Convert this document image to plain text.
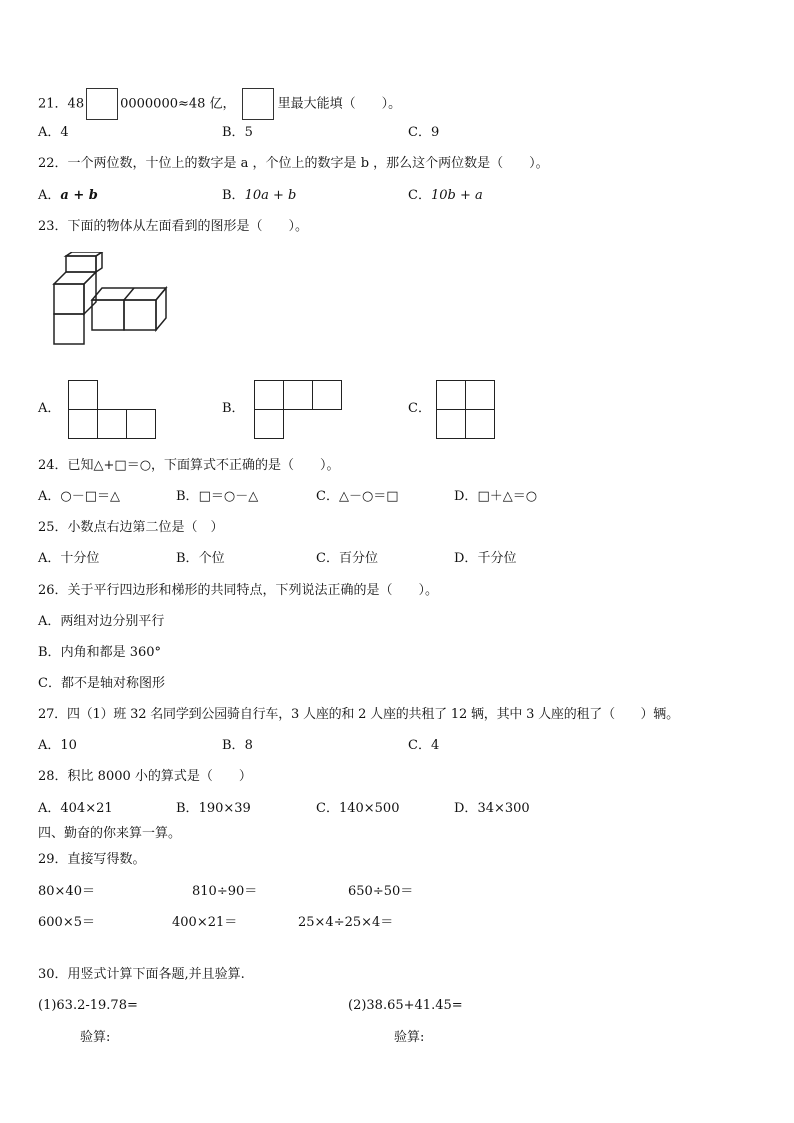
21．48	0000000≈48 亿，	里最大能填（　　）。
A．4	B．5	C．9
22．一个两位数，十位上的数字是 a ，个位上的数字是 b ，那么这个两位数是（　　）。
A．a + b	B．10a + b	C．10b + a
23．下面的物体从左面看到的图形是（　　）。
A．	B．	C．
24．已知△+□＝○，下面算式不正确的是（　　）。
A．○－□＝△	B．□＝○－△	C．△－○＝□	D．□＋△＝○
25．小数点右边第二位是（　）
A．十分位	B．个位	C．百分位	D．千分位
26．关于平行四边形和梯形的共同特点，下列说法正确的是（　　）。
A．两组对边分别平行
B．内角和都是 360°
C．都不是轴对称图形
27．四（1）班 32 名同学到公园骑自行车，3 人座的和 2 人座的共租了 12 辆，其中 3 人座的租了（　　）辆。
A．10	B．8	C．4
28．积比 8000 小的算式是（　　）
A．404×21	B．190×39	C．140×500	D．34×300
四、勤奋的你来算一算。
29．直接写得数。
80×40＝	810÷90＝	650÷50＝
600×5＝	400×21＝	25×4÷25×4＝
30．用竖式计算下面各题,并且验算.
(1)63.2-19.78=	(2)38.65+41.45=
验算:	验算:
